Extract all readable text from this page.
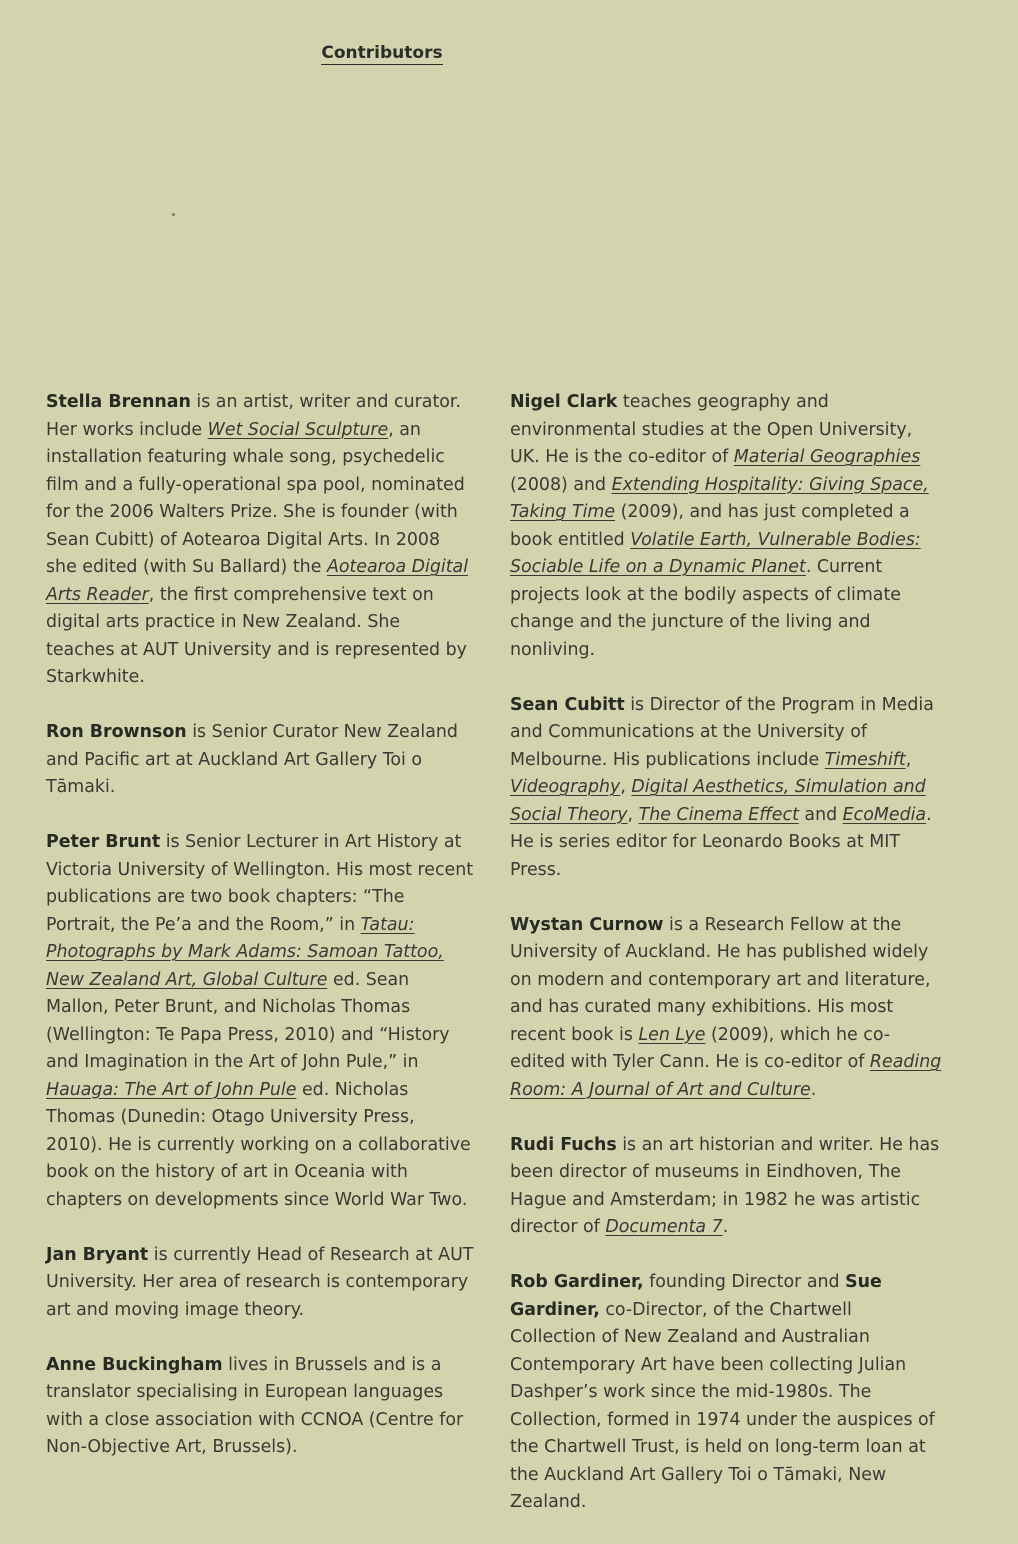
Contributors

Stella Brennan is an artist, writer and curator. Her works include Wet Social Sculpture, an installation featuring whale song, psychedelic film and a fully-operational spa pool, nominated for the 2006 Walters Prize. She is founder (with Sean Cubitt) of Aotearoa Digital Arts. In 2008 she edited (with Su Ballard) the Aotearoa Digital Arts Reader, the first comprehensive text on digital arts practice in New Zealand. She teaches at AUT University and is represented by Starkwhite.

Ron Brownson is Senior Curator New Zealand and Pacific art at Auckland Art Gallery Toi o Tāmaki.

Peter Brunt is Senior Lecturer in Art History at Victoria University of Wellington. His most recent publications are two book chapters: “The Portrait, the Pe’a and the Room,” in Tatau: Photographs by Mark Adams: Samoan Tattoo, New Zealand Art, Global Culture ed. Sean Mallon, Peter Brunt, and Nicholas Thomas (Wellington: Te Papa Press, 2010) and “History and Imagination in the Art of John Pule,” in Hauaga: The Art of John Pule ed. Nicholas Thomas (Dunedin: Otago University Press, 2010). He is currently working on a collaborative book on the history of art in Oceania with chapters on developments since World War Two.

Jan Bryant is currently Head of Research at AUT University. Her area of research is contemporary art and moving image theory.

Anne Buckingham lives in Brussels and is a translator specialising in European languages with a close association with CCNOA (Centre for Non-Objective Art, Brussels).

Nigel Clark teaches geography and environmental studies at the Open University, UK. He is the co-editor of Material Geographies (2008) and Extending Hospitality: Giving Space, Taking Time (2009), and has just completed a book entitled Volatile Earth, Vulnerable Bodies: Sociable Life on a Dynamic Planet. Current projects look at the bodily aspects of climate change and the juncture of the living and nonliving.

Sean Cubitt is Director of the Program in Media and Communications at the University of Melbourne. His publications include Timeshift, Videography, Digital Aesthetics, Simulation and Social Theory, The Cinema Effect and EcoMedia. He is series editor for Leonardo Books at MIT Press.

Wystan Curnow is a Research Fellow at the University of Auckland. He has published widely on modern and contemporary art and literature, and has curated many exhibitions. His most recent book is Len Lye (2009), which he co-edited with Tyler Cann. He is co-editor of Reading Room: A Journal of Art and Culture.

Rudi Fuchs is an art historian and writer. He has been director of museums in Eindhoven, The Hague and Amsterdam; in 1982 he was artistic director of Documenta 7.

Rob Gardiner, founding Director and Sue Gardiner, co-Director, of the Chartwell Collection of New Zealand and Australian Contemporary Art have been collecting Julian Dashper’s work since the mid-1980s. The Collection, formed in 1974 under the auspices of the Chartwell Trust, is held on long-term loan at the Auckland Art Gallery Toi o Tāmaki, New Zealand.
